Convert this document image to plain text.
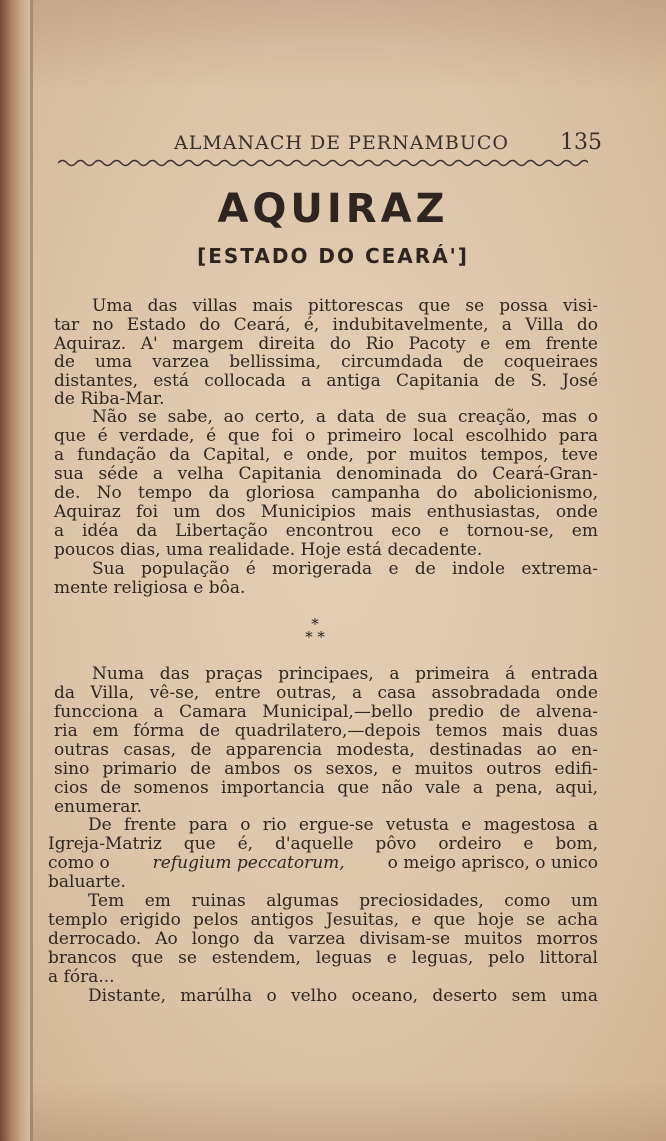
ALMANACH DE PERNAMBUCO 135
AQUIRAZ
[ESTADO DO CEARÁ']
Uma das villas mais pittorescas que se possa visi-
tar no Estado do Ceará, é, indubitavelmente, a Villa do
Aquiraz. A' margem direita do Rio Pacoty e em frente
de uma varzea bellissima, circumdada de coqueiraes
distantes, está collocada a antiga Capitania de S. José
de Riba-Mar.
Não se sabe, ao certo, a data de sua creação, mas o
que é verdade, é que foi o primeiro local escolhido para
a fundação da Capital, e onde, por muitos tempos, teve
sua séde a velha Capitania denominada do Ceará-Gran-
de. No tempo da gloriosa campanha do abolicionismo,
Aquiraz foi um dos Municipios mais enthusiastas, onde
a idéa da Libertação encontrou eco e tornou-se, em
poucos dias, uma realidade. Hoje está decadente.
Sua população é morigerada e de indole extrema-
mente religiosa e bôa.
*
* *
Numa das praças principaes, a primeira á entrada
da Villa, vê-se, entre outras, a casa assobradada onde
funcciona a Camara Municipal,—bello predio de alvena-
ria em fórma de quadrilatero,—depois temos mais duas
outras casas, de apparencia modesta, destinadas ao en-
sino primario de ambos os sexos, e muitos outros edifi-
cios de somenos importancia que não vale a pena, aqui,
enumerar.
De frente para o rio ergue-se vetusta e magestosa a
Igreja-Matriz que é, d'aquelle pôvo ordeiro e bom,
como o	refugium peccatorum,	o meigo aprisco, o unico
baluarte.
Tem em ruinas algumas preciosidades, como um
templo erigido pelos antigos Jesuitas, e que hoje se acha
derrocado. Ao longo da varzea divisam-se muitos morros
brancos que se estendem, leguas e leguas, pelo littoral
a fóra...
Distante, marúlha o velho oceano, deserto sem uma
